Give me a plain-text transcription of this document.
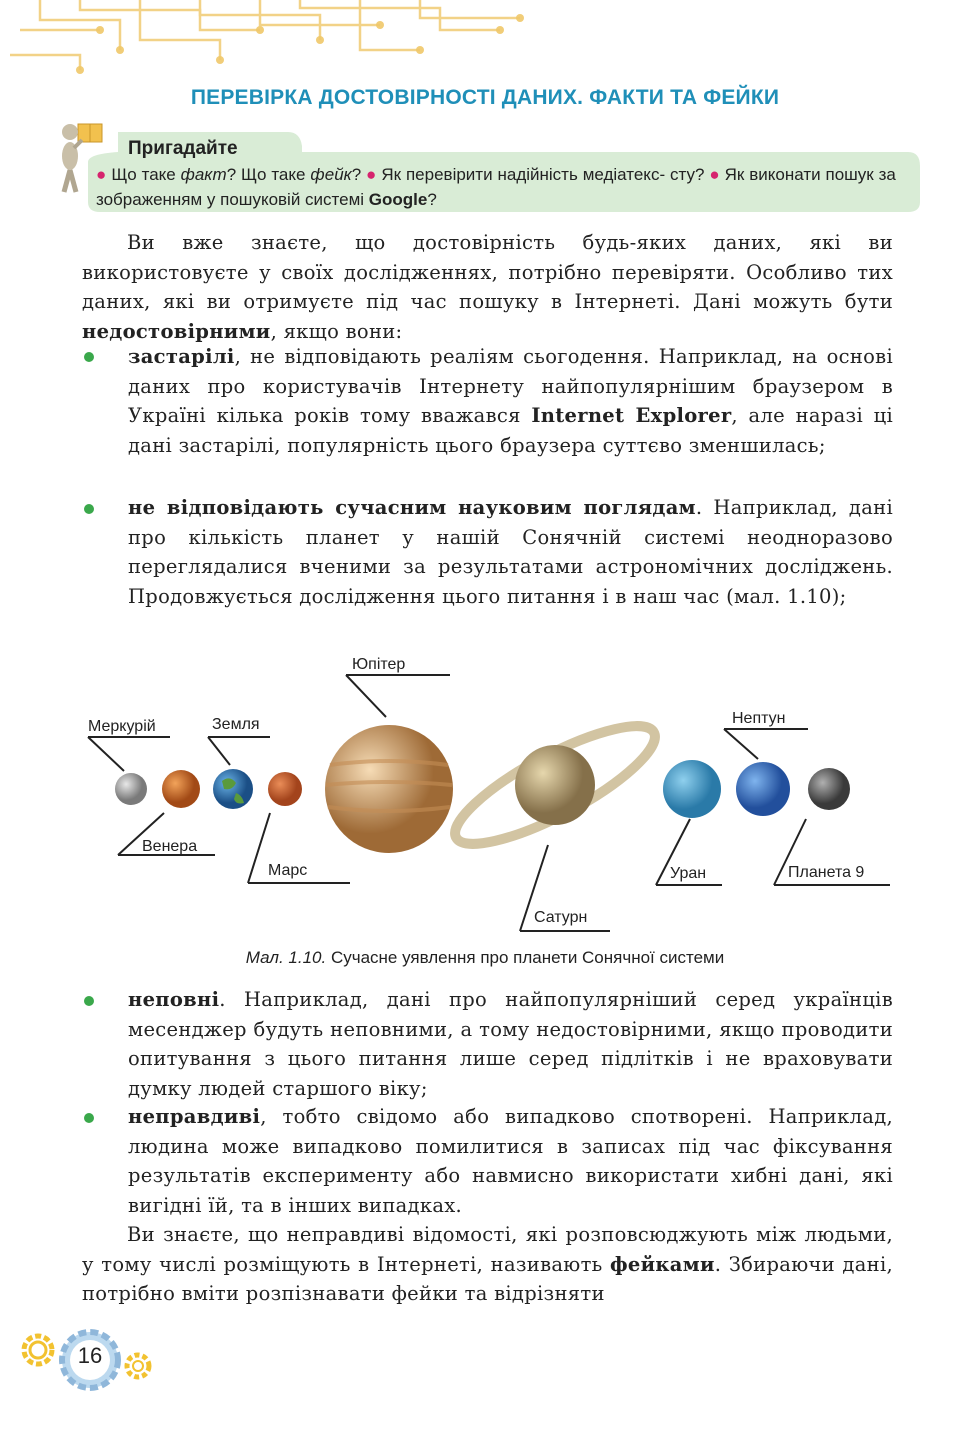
ПЕРЕВІРКА ДОСТОВІРНОСТІ ДАНИХ. ФАКТИ ТА ФЕЙКИ
Пригадайте
● Що таке факт? Що таке фейк? ● Як перевірити надійність медіатекс- сту? ● Як виконати пошук за зображенням у пошуковій системі Google?
Ви вже знаєте, що достовірність будь-яких даних, які ви використовуєте у своїх дослідженнях, потрібно перевіряти. Особливо тих даних, які ви отримуєте під час пошуку в Інтернеті. Дані можуть бути недостовірними, якщо вони:
застарілі, не відповідають реаліям сьогодення. Наприклад, на основі даних про користувачів Інтернету найпопулярнішим браузером в Україні кілька років тому вважався Internet Explorer, але наразі ці дані застарілі, популярність цього браузера суттєво зменшилась;
не відповідають сучасним науковим поглядам. Наприклад, дані про кількість планет у нашій Сонячній системі неодноразово переглядалися вченими за результатами астрономічних досліджень. Продовжується дослідження цього питання і в наш час (мал. 1.10);
Меркурій	Земля
Юпітер
Венера
Марс
Сатурн
Уран
Нептун
Планета 9
Мал. 1.10. Сучасне уявлення про планети Сонячної системи
неповні. Наприклад, дані про найпопулярніший серед українців месенджер будуть неповними, а тому недостовірними, якщо проводити опитування з цього питання лише серед підлітків і не враховувати думку людей старшого віку;
неправдиві, тобто свідомо або випадково спотворені. Наприклад, людина може випадково помилитися в записах під час фіксування результатів експерименту або навмисно використати хибні дані, які вигідні їй, та в інших випадках.
Ви знаєте, що неправдиві відомості, які розповсюджують між людьми, у тому числі розміщують в Інтернеті, називають фейками. Збираючи дані, потрібно вміти розпізнавати фейки та відрізняти
16
